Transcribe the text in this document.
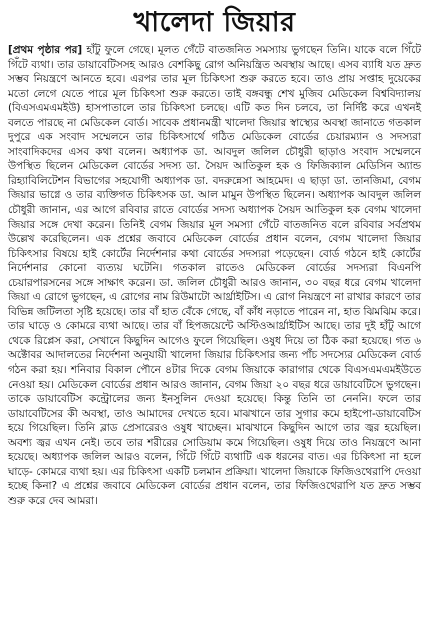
খালেদা জিয়ার

[প্রথম পৃষ্ঠার পর] হাঁটু ফুলে গেছে। মূলত গেঁটে বাতজনিত সমস্যায় ভুগছেন তিনি। যাকে বলে গিঁটে গিঁটে ব্যথা। তার ডায়াবেটিসসহ আরও বেশকিছু রোগ অনিয়ন্ত্রিত অবস্থায় আছে। এসব ব্যাধি যত দ্রুত সম্ভব নিয়ন্ত্রণে আনতে হবে। এরপর তার মূল চিকিৎসা শুরু করতে হবে। তাও প্রায় সপ্তাহ দুয়েকের মতো লেগে যেতে পারে মূল চিকিৎসা শুরু করতে। তাই বঙ্গবন্ধু শেখ মুজিব মেডিকেল বিশ্ববিদ্যালয় (বিএসএমএমইউ) হাসপাতালে তার চিকিৎসা চলছে। এটি কত দিন চলবে, তা নির্দিষ্ট করে এখনই বলতে পারছে না মেডিকেল বোর্ড। সাবেক প্রধানমন্ত্রী খালেদা জিয়ার স্বাস্থ্যের অবস্থা জানাতে গতকাল দুপুরে এক সংবাদ সম্মেলনে তার চিকিৎসার্থে গঠিত মেডিকেল বোর্ডের চেয়ারম্যান ও সদস্যরা সাংবাদিকদের এসব কথা বলেন। অধ্যাপক ডা. আবদুল জলিল চৌধুরী ছাড়াও সংবাদ সম্মেলনে উপস্থিত ছিলেন মেডিকেল বোর্ডের সদস্য ডা. সৈয়দ আতিকুল হক ও ফিজিক্যাল মেডিসিন অ্যান্ড রিহ্যাবিলিটেশন বিভাগের সহযোগী অধ্যাপক ডা. বদরুন্নেসা আহমেদ। এ ছাড়া ডা. তানজিমা, বেগম জিয়ার ভাগ্নে ও তার ব্যক্তিগত চিকিৎসক ডা. আল মামুন উপস্থিত ছিলেন। অধ্যাপক আবদুল জলিল চৌধুরী জানান, এর আগে রবিবার রাতে বোর্ডের সদস্য অধ্যাপক সৈয়দ আতিকুল হক বেগম খালেদা জিয়ার সঙ্গে দেখা করেন। তিনিই বেগম জিয়ার মূল সমস্যা গেঁটে বাতজনিত বলে রবিবার সর্বপ্রথম উল্লেখ করেছিলেন। এক প্রশ্নের জবাবে মেডিকেল বোর্ডের প্রধান বলেন, বেগম খালেদা জিয়ার চিকিৎসার বিষয়ে হাই কোর্টের নির্দেশনার কথা বোর্ডের সদস্যরা পড়েছেন। বোর্ড গঠনে হাই কোর্টের নির্দেশনার কোনো ব্যত্যয় ঘটেনি। গতকাল রাতেও মেডিকেল বোর্ডের সদস্যরা বিএনপি চেয়ারপারসনের সঙ্গে সাক্ষাৎ করেন। ডা. জলিল চৌধুরী আরও জানান, ৩০ বছর ধরে বেগম খালেদা জিয়া এ রোগে ভুগছেন, এ রোগের নাম রিউমাটো আর্থ্রাইটিস। এ রোগ নিয়ন্ত্রণে না রাখার কারণে তার বিভিন্ন জটিলতা সৃষ্টি হয়েছে। তার বাঁ হাত বেঁকে গেছে, বাঁ কাঁধ নড়াতে পারেন না, হাত ঝিমঝিম করে। তার ঘাড়ে ও কোমরে ব্যথা আছে। তার বাঁ হিপজয়েন্টে অস্টিওআর্থ্রাইটিস আছে। তার দুই হাঁটু আগে থেকে রিপ্লেস করা, সেখানে কিছুদিন আগেও ফুলে গিয়েছিল। ওষুধ দিয়ে তা ঠিক করা হয়েছে। গত ৬ অক্টোবর আদালতের নির্দেশনা অনুযায়ী খালেদা জিয়ার চিকিৎসার জন্য পাঁচ সদস্যের মেডিকেল বোর্ড গঠন করা হয়। শনিবার বিকাল পৌনে ৪টার দিকে বেগম জিয়াকে কারাগার থেকে বিএসএমএমইউতে নেওয়া হয়। মেডিকেল বোর্ডের প্রধান আরও জানান, বেগম জিয়া ২০ বছর ধরে ডায়াবেটিসে ভুগছেন। তাকে ডায়াবেটিস কন্ট্রোলের জন্য ইনসুলিন দেওয়া হয়েছে। কিন্তু তিনি তা নেননি। ফলে তার ডায়াবেটিসের কী অবস্থা, তাও আমাদের দেখতে হবে। মাঝখানে তার সুগার কমে হাইপো-ডায়াবেটিস হয়ে গিয়েছিল। তিনি ব্লাড প্রেসারেরও ওষুধ খাচ্ছেন। মাঝখানে কিছুদিন আগে তার জ্বর হয়েছিল। অবশ্য জ্বর এখন নেই। তবে তার শরীরের সোডিয়াম কমে গিয়েছিল। ওষুধ দিয়ে তাও নিয়ন্ত্রণে আনা হয়েছে। অধ্যাপক জলিল আরও বলেন, গিঁটে গিঁটে ব্যথাটি এক ধরনের বাত। এর চিকিৎসা না হলে ঘাড়ে- কোমরে ব্যথা হয়। এর চিকিৎসা একটি চলমান প্রক্রিয়া। খালেদা জিয়াকে ফিজিওথেরাপি দেওয়া হচ্ছে কিনা? এ প্রশ্নের জবাবে মেডিকেল বোর্ডের প্রধান বলেন, তার ফিজিওথেরাপি যত দ্রুত সম্ভব শুরু করে দেব আমরা।
